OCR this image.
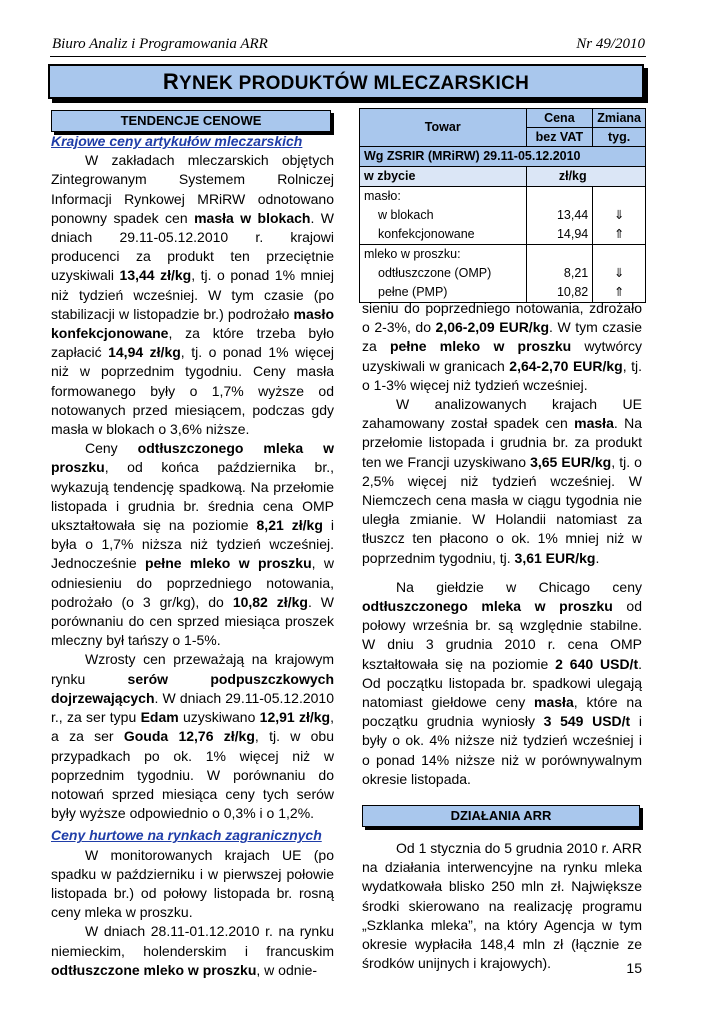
Biuro Analiz i Programowania ARR	Nr 49/2010
RYNEK PRODUKTÓW MLECZARSKICH
TENDENCJE CENOWE
Krajowe ceny artykułów mleczarskich

W zakładach mleczarskich objętych Zintegrowanym Systemem Rolniczej Informacji Rynkowej MRiRW odnotowano ponowny spadek cen masła w blokach. W dniach 29.11-05.12.2010 r. krajowi producenci za produkt ten przeciętnie uzyskiwali 13,44 zł/kg, tj. o ponad 1% mniej niż tydzień wcześniej. W tym czasie (po stabilizacji w listopadzie br.) podrożało masło konfekcjonowane, za które trzeba było zapłacić 14,94 zł/kg, tj. o ponad 1% więcej niż w poprzednim tygodniu. Ceny masła formowanego były o 1,7% wyższe od notowanych przed miesiącem, podczas gdy masła w blokach o 3,6% niższe.

Ceny odtłuszczonego mleka w proszku, od końca października br., wykazują tendencję spadkową. Na przełomie listopada i grudnia br. średnia cena OMP ukształtowała się na poziomie 8,21 zł/kg i była o 1,7% niższa niż tydzień wcześniej. Jednocześnie pełne mleko w proszku, w odniesieniu do poprzedniego notowania, podrożało (o 3 gr/kg), do 10,82 zł/kg. W porównaniu do cen sprzed miesiąca proszek mleczny był tańszy o 1-5%.

Wzrosty cen przeważają na krajowym rynku serów podpuszczkowych dojrzewających. W dniach 29.11-05.12.2010 r., za ser typu Edam uzyskiwano 12,91 zł/kg, a za ser Gouda 12,76 zł/kg, tj. w obu przypadkach po ok. 1% więcej niż w poprzednim tygodniu. W porównaniu do notowań sprzed miesiąca ceny tych serów były wyższe odpowiednio o 0,3% i o 1,2%.

Ceny hurtowe na rynkach zagranicznych

W monitorowanych krajach UE (po spadku w październiku i w pierwszej połowie listopada br.) od połowy listopada br. rosną ceny mleka w proszku.

W dniach 28.11-01.12.2010 r. na rynku niemieckim, holenderskim i francuskim odtłuszczone mleko w proszku, w odnie-

Towar	Cena	Zmiana
	bez VAT	tyg.
Wg ZSRIR (MRiRW) 29.11-05.12.2010		
w zbycie	zł/kg	
masło:		
w blokach	13,44	⇓
konfekcjonowane	14,94	⇑
mleko w proszku:		
odtłuszczone (OMP)	8,21	⇓
pełne (PMP)	10,82	⇑

sieniu do poprzedniego notowania, zdrożało o 2-3%, do 2,06-2,09 EUR/kg. W tym czasie za pełne mleko w proszku wytwórcy uzyskiwali w granicach 2,64-2,70 EUR/kg, tj. o 1-3% więcej niż tydzień wcześniej.

W analizowanych krajach UE zahamowany został spadek cen masła. Na przełomie listopada i grudnia br. za produkt ten we Francji uzyskiwano 3,65 EUR/kg, tj. o 2,5% więcej niż tydzień wcześniej. W Niemczech cena masła w ciągu tygodnia nie uległa zmianie. W Holandii natomiast za tłuszcz ten płacono o ok. 1% mniej niż w poprzednim tygodniu, tj. 3,61 EUR/kg.

Na giełdzie w Chicago ceny odtłuszczonego mleka w proszku od połowy września br. są względnie stabilne. W dniu 3 grudnia 2010 r. cena OMP kształtowała się na poziomie 2 640 USD/t. Od początku listopada br. spadkowi ulegają natomiast giełdowe ceny masła, które na początku grudnia wyniosły 3 549 USD/t i były o ok. 4% niższe niż tydzień wcześniej i o ponad 14% niższe niż w porównywalnym okresie listopada.

DZIAŁANIA ARR

Od 1 stycznia do 5 grudnia 2010 r. ARR na działania interwencyjne na rynku mleka wydatkowała blisko 250 mln zł. Największe środki skierowano na realizację programu „Szklanka mleka”, na który Agencja w tym okresie wypłaciła 148,4 mln zł (łącznie ze środków unijnych i krajowych).	15
